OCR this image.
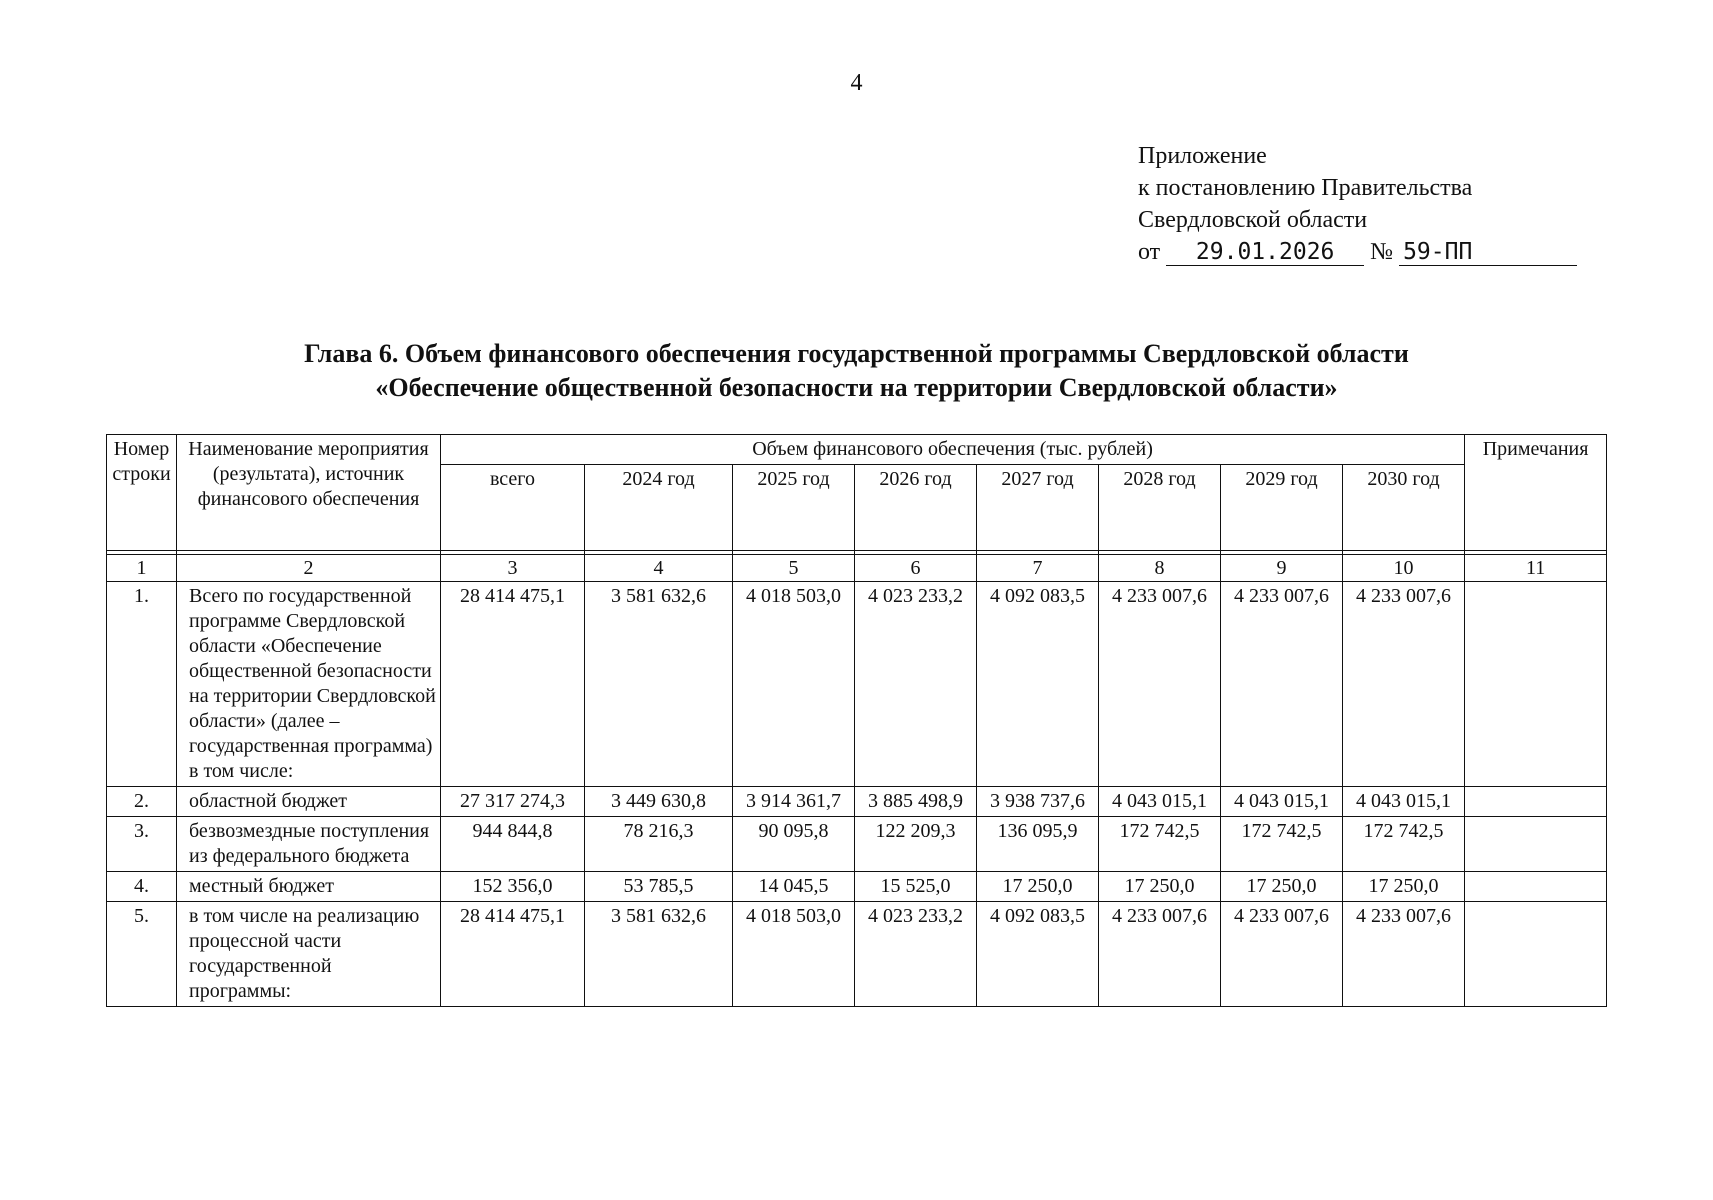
4
Приложение
к постановлению Правительства
Свердловской области
от 29.01.2026 № 59-ПП
Глава 6. Объем финансового обеспечения государственной программы Свердловской области
«Обеспечение общественной безопасности на территории Свердловской области»
Номер строки	Наименование мероприятия (результата), источник финансового обеспечения	Объем финансового обеспечения (тыс. рублей)								Примечания
		всего	2024 год	2025 год	2026 год	2027 год	2028 год	2029 год	2030 год	

1	2	3	4	5	6	7	8	9	10	11
1.	Всего по государственной программе Свердловской области «Обеспечение общественной безопасности на территории Свердловской области» (далее – государственная программа) в том числе:	28 414 475,1	3 581 632,6	4 018 503,0	4 023 233,2	4 092 083,5	4 233 007,6	4 233 007,6	4 233 007,6	
2.	областной бюджет	27 317 274,3	3 449 630,8	3 914 361,7	3 885 498,9	3 938 737,6	4 043 015,1	4 043 015,1	4 043 015,1	
3.	безвозмездные поступления из федерального бюджета	944 844,8	78 216,3	90 095,8	122 209,3	136 095,9	172 742,5	172 742,5	172 742,5	
4.	местный бюджет	152 356,0	53 785,5	14 045,5	15 525,0	17 250,0	17 250,0	17 250,0	17 250,0	
5.	в том числе на реализацию процессной части государственной программы:	28 414 475,1	3 581 632,6	4 018 503,0	4 023 233,2	4 092 083,5	4 233 007,6	4 233 007,6	4 233 007,6	
